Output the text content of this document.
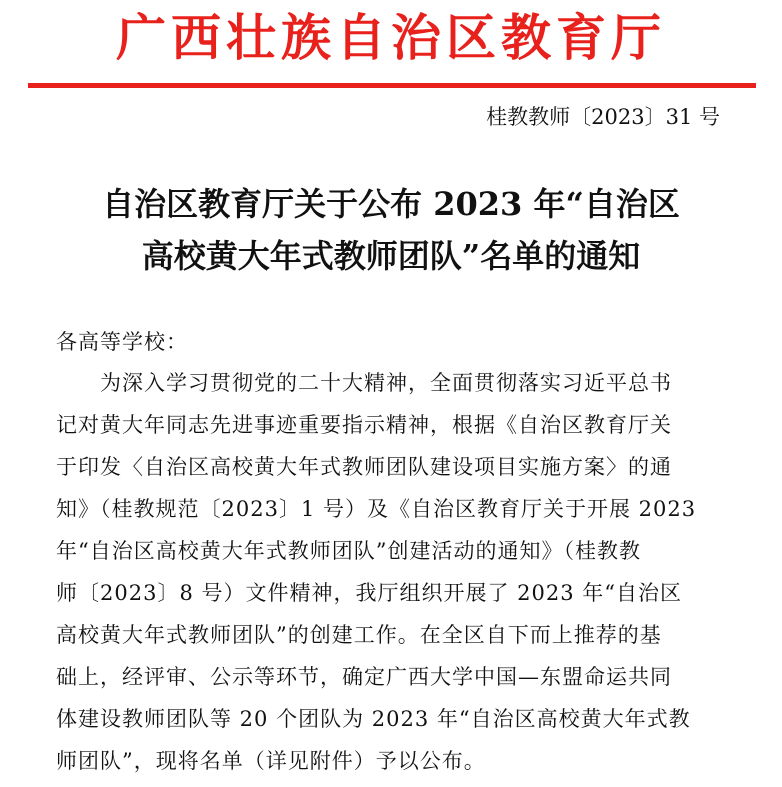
广西壮族自治区教育厅
桂教教师〔2023〕31 号
自治区教育厅关于公布 2023 年“自治区
高校黄大年式教师团队”名单的通知
各高等学校：
为深入学习贯彻党的二十大精神，全面贯彻落实习近平总书
记对黄大年同志先进事迹重要指示精神，根据《自治区教育厅关
于印发〈自治区高校黄大年式教师团队建设项目实施方案〉的通
知》（桂教规范〔2023〕1 号）及《自治区教育厅关于开展 2023
年“自治区高校黄大年式教师团队”创建活动的通知》（桂教教
师〔2023〕8 号）文件精神，我厅组织开展了 2023 年“自治区
高校黄大年式教师团队”的创建工作。在全区自下而上推荐的基
础上，经评审、公示等环节，确定广西大学中国—东盟命运共同
体建设教师团队等 20 个团队为 2023 年“自治区高校黄大年式教
师团队”，现将名单（详见附件）予以公布。
